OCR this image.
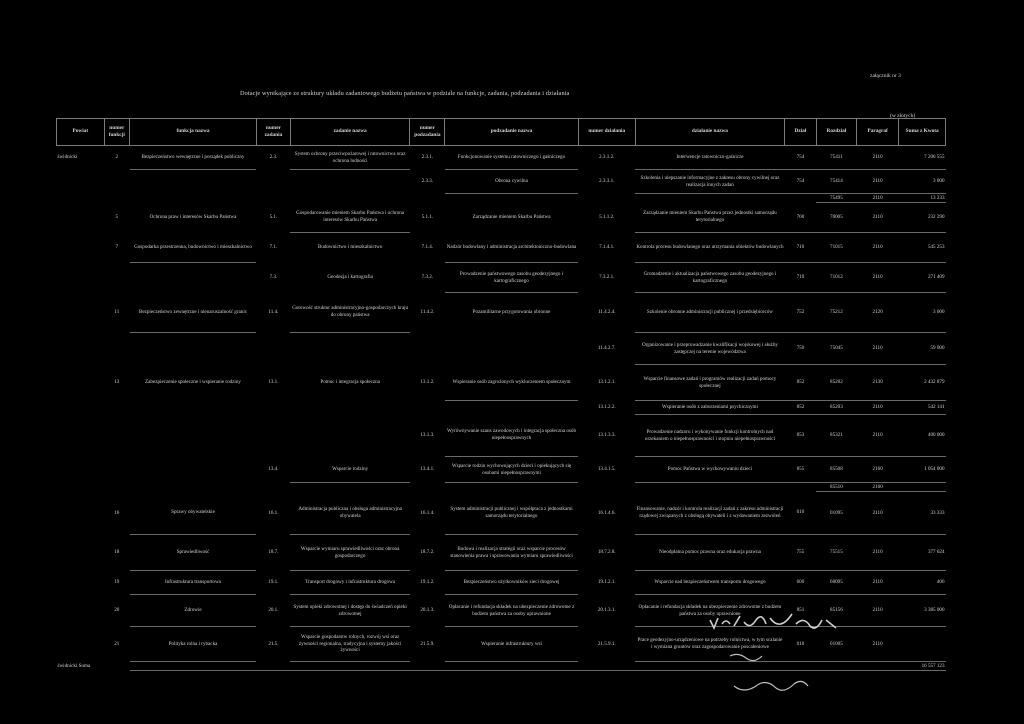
załącznik nr 3
Dotacje wynikające ze struktury układu zadaniowego budżetu państwa w podziale na funkcje, zadania, podzadania i działania
(w złotych)
Powiat	numer funkcji	funkcja nazwa	numer zadania	zadanie nazwa	numer podzadania	podzadanie nazwa	numer działania	działanie nazwa	Dział	Rozdział	Paragraf	Suma z Kwota
świdnicki	2	Bezpieczeństwo wewnętrzne i porządek publiczny	2.3.	System ochrony przeciwpożarowej i ratownictwa oraz ochrona ludności	2.3.1.	Funkcjonowanie systemu ratowniczego i gaśniczego	2.3.1.2.	Interwencje ratowniczo-gaśnicze	754	75411	2110	7 206 555
					2.3.3.	Obrona cywilna	2.3.3.1.	Szkolenia i ulepszanie informacyjne z zakresu obrony cywilnej oraz realizacja innych zadań	754	75414	2110	3 000
										75495	2110	13 233
	5	Ochrona praw i interesów Skarbu Państwa	5.1.	Gospodarowanie mieniem Skarbu Państwa i ochrona interesów Skarbu Państwa	5.1.1.	Zarządzanie mieniem Skarbu Państwa	5.1.1.2.	Zarządzanie mieniem Skarbu Państwa przez jednostki samorządu terytorialnego	700	70005	2110	232 290
	7	Gospodarka przestrzenna, budownictwo i mieszkalnictwo	7.1.	Budownictwo i mieszkalnictwo	7.1.4.	Nadzór budowlany i administracja architektoniczno-budowlana	7.1.4.1.	Kontrola procesu budowlanego oraz utrzymania obiektów budowlanych	710	71015	2110	545 253
			7.3.	Geodezja i kartografia	7.3.2.	Prowadzenie państwowego zasobu geodezyjnego i kartograficznego	7.3.2.1.	Gromadzenie i aktualizacja państwowego zasobu geodezyjnego i kartograficznego	710	71012	2110	271 409
	11	Bezpieczeństwo zewnętrzne i nienaruszalność granic	11.4.	Gotowość struktur administracyjno-gospodarczych kraju do obrony państwa	11.4.2.	Pozamilitarne przygotowania obronne	11.4.2.4.	Szkolenie obronne administracji publicznej i przedsiębiorców	752	75212	2120	3 000
							11.4.2.7.	Organizowanie i przeprowadzanie kwalifikacji wojskowej i służby zastępczej na terenie województwa	750	75045	2110	59 000
	13	Zabezpieczenie społeczne i wspieranie rodziny	13.1.	Pomoc i integracja społeczna	13.1.2.	Wspieranie osób zagrożonych wykluczeniem społecznym	13.1.2.1.	Wsparcie finansowe zadań i programów realizacji zadań pomocy społecznej	852	85202	2130	2 432 879
							13.1.2.2.	Wspieranie osób z zaburzeniami psychicznymi	852	85203	2110	542 141
					13.1.3.	Wyrównywanie szans zawodowych i integracja społeczna osób niepełnosprawnych	13.1.3.3.	Prowadzenie nadzoru i wykonywanie funkcji kontrolnych nad orzekaniem o niepełnosprawności i stopniu niepełnosprawności	853	85321	2110	400 000
			13.4.	Wsparcie rodziny	13.4.1.	Wsparcie rodzin wychowujących dzieci i opiekujących się osobami niepełnosprawnymi	13.4.1.5.	Pomoc Państwa w wychowywaniu dzieci	855	85508	2160	1 054 000
										85510	2160	
	16	Sprawy obywatelskie	16.1.	Administracja publiczna i obsługa administracyjna obywatela	16.1.4.	System administracji publicznej i współpraca z jednostkami samorządu terytorialnego	16.1.4.6.	Finansowanie, nadzór i kontrola realizacji zadań z zakresu administracji rządowej związanych z obsługą obywateli i z wydawaniem zezwoleń	010	01095	2110	33 333
	18	Sprawiedliwość	18.7.	Wsparcie wymiaru sprawiedliwości oraz obrona gospodarczego	18.7.2.	Budowa i realizacja strategii oraz wsparcie procesów stanowienia prawa i sprawowania wymiaru sprawiedliwości	18.7.2.8.	Nieodpłatna pomoc prawna oraz edukacja prawna	755	75515	2110	377 624
	19	Infrastruktura transportowa	19.1.	Transport drogowy i infrastruktura drogowa	19.1.2.	Bezpieczeństwo użytkowników sieci drogowej	19.1.2.1.	Wsparcie nad bezpieczeństwem transportu drogowego	600	60095	2110	406
	20	Zdrowie	20.1.	System opieki zdrowotnej i dostęp do świadczeń opieki zdrowotnej	20.1.3.	Opłacanie i refundacja składek na ubezpieczenie zdrowotne z budżetu państwa za osoby uprawnione	20.1.3.1.	Opłacanie i refundacja składek na ubezpieczenie zdrowotne z budżetu państwa za osoby uprawnione	851	85156	2110	3 385 000
	21	Polityka rolna i rybacka	21.5.	Wsparcie gospodarstw rolnych, rozwój wsi oraz żywności regionalna, tradycyjna i systemy jakości żywności	21.5.9.	Wspieranie infrastruktury wsi	21.5.9.1.	Prace geodezyjno-urządzeniowe na potrzeby rolnictwa, w tym scalanie i wymiana gruntów oraz zagospodarowanie poscaleniowe	010	01005	2110	
świdnicki Suma												16 557 123
